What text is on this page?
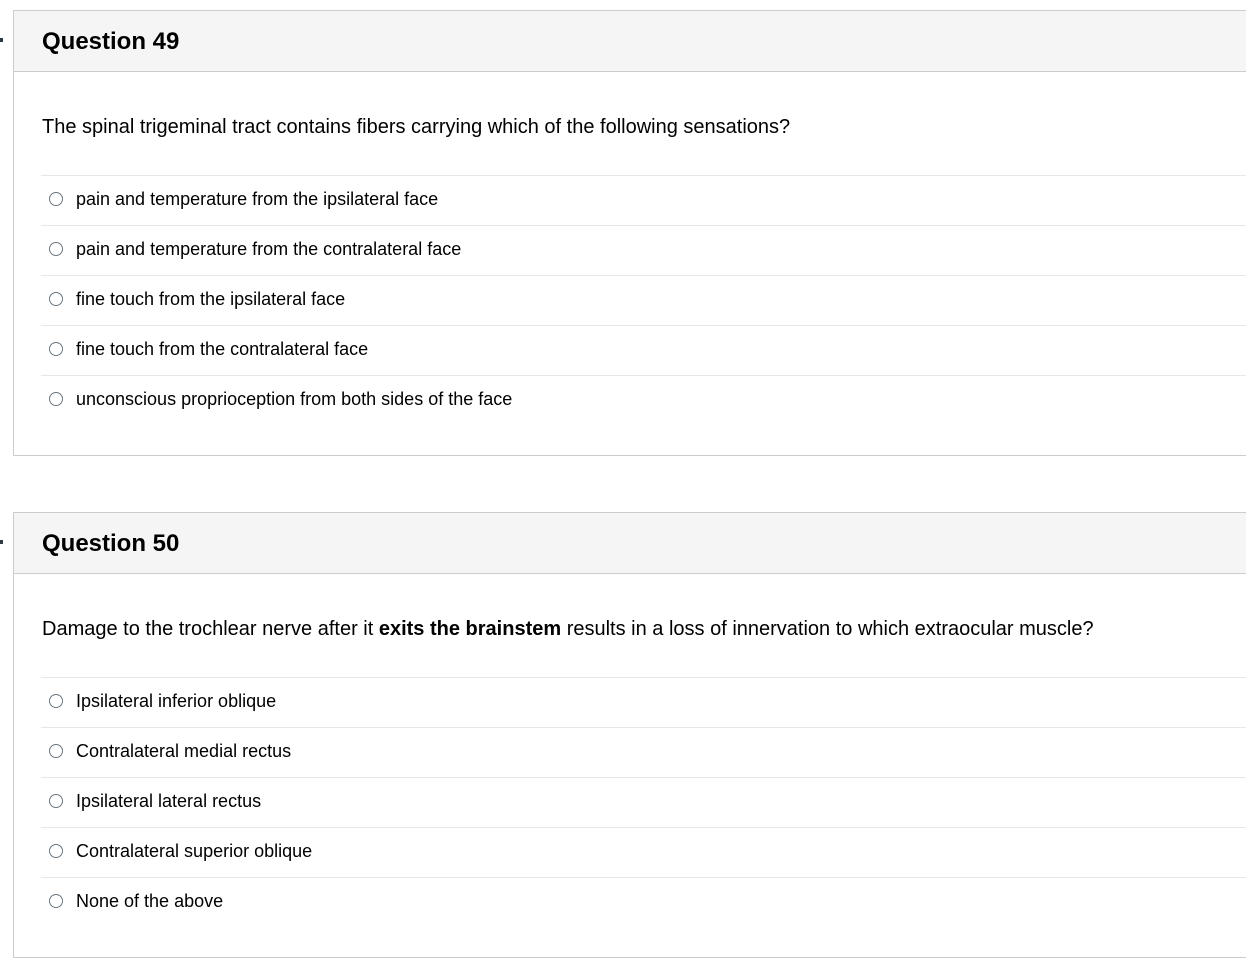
Question 49
The spinal trigeminal tract contains fibers carrying which of the following sensations?
pain and temperature from the ipsilateral face
pain and temperature from the contralateral face
fine touch from the ipsilateral face
fine touch from the contralateral face
unconscious proprioception from both sides of the face
Question 50
Damage to the trochlear nerve after it exits the brainstem results in a loss of innervation to which extraocular muscle?
Ipsilateral inferior oblique
Contralateral medial rectus
Ipsilateral lateral rectus
Contralateral superior oblique
None of the above
